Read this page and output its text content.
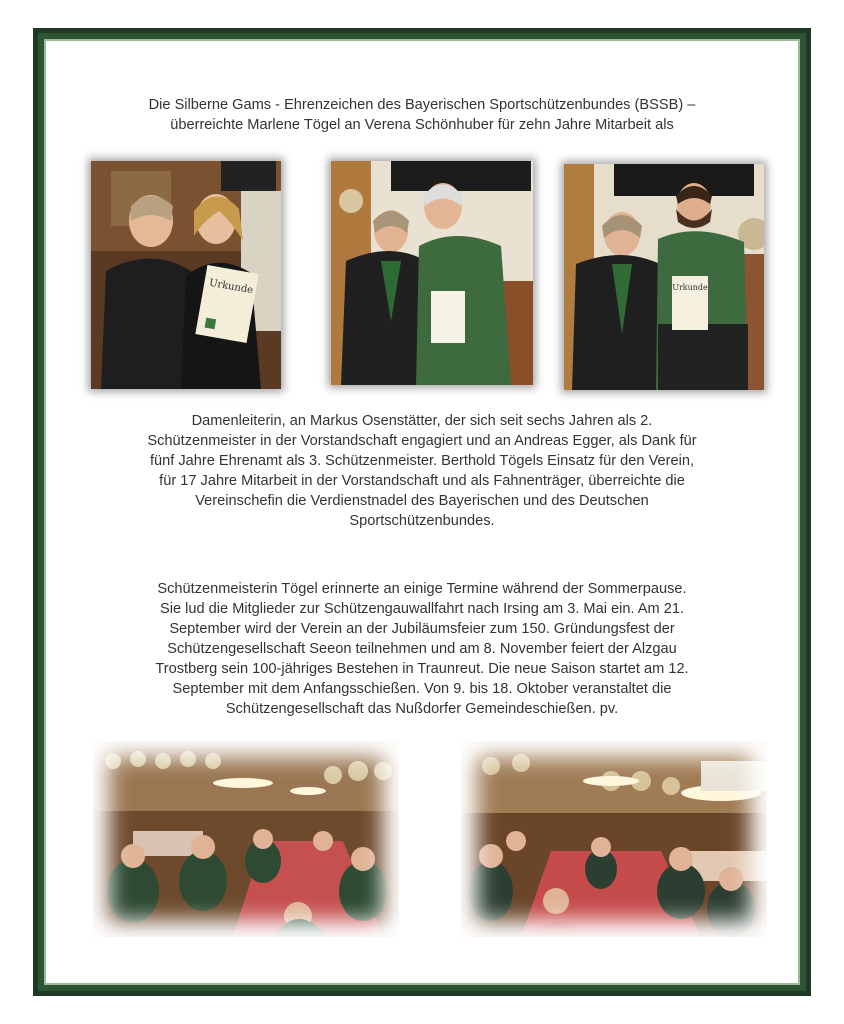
Die Silberne Gams - Ehrenzeichen des Bayerischen Sportschützenbundes (BSSB) –
überreichte Marlene Tögel an Verena Schönhuber für zehn Jahre Mitarbeit als
Urkunde	Urkunde
Damenleiterin, an Markus Osenstätter, der sich seit sechs Jahren als 2.
Schützenmeister in der Vorstandschaft engagiert und an Andreas Egger, als Dank für
fünf Jahre Ehrenamt als 3. Schützenmeister. Berthold Tögels Einsatz für den Verein,
für 17 Jahre Mitarbeit in der Vorstandschaft und als Fahnenträger, überreichte die
Vereinschefin die Verdienstnadel des Bayerischen und des Deutschen
Sportschützenbundes.
Schützenmeisterin Tögel erinnerte an einige Termine während der Sommerpause.
Sie lud die Mitglieder zur Schützengauwallfahrt nach Irsing am 3. Mai ein. Am 21.
September wird der Verein an der Jubiläumsfeier zum 150. Gründungsfest der
Schützengesellschaft Seeon teilnehmen und am 8. November feiert der Alzgau
Trostberg sein 100-jähriges Bestehen in Traunreut. Die neue Saison startet am 12.
September mit dem Anfangsschießen. Von 9. bis 18. Oktober veranstaltet die
Schützengesellschaft das Nußdorfer Gemeindeschießen. pv.
